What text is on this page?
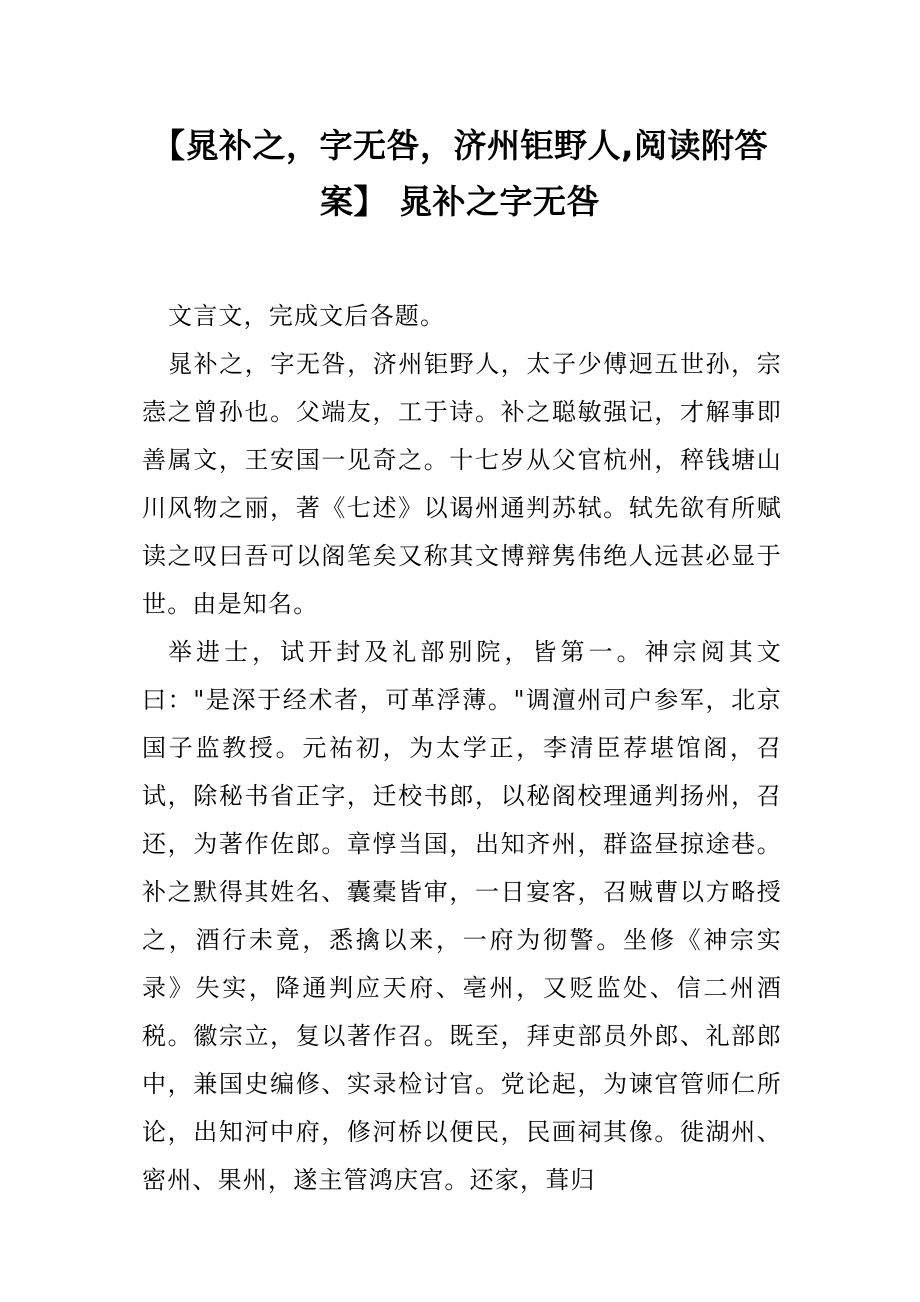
【晁补之，字无咎，济州钜野人,阅读附答案】 晁补之字无咎

文言文，完成文后各题。

晁补之，字无咎，济州钜野人，太子少傅迥五世孙，宗悫之曾孙也。父端友，工于诗。补之聪敏强记，才解事即善属文，王安国一见奇之。十七岁从父官杭州，稡钱塘山川风物之丽，著《七述》以谒州通判苏轼。轼先欲有所赋读之叹曰吾可以阁笔矣又称其文博辩隽伟绝人远甚必显于世。由是知名。

举进士，试开封及礼部别院，皆第一。神宗阅其文曰："是深于经术者，可革浮薄。"调澶州司户参军，北京国子监教授。元祐初，为太学正，李清臣荐堪馆阁，召试，除秘书省正字，迁校书郎，以秘阁校理通判扬州，召还，为著作佐郎。章惇当国，出知齐州，群盗昼掠途巷。补之默得其姓名、囊橐皆审，一日宴客，召贼曹以方略授之，酒行未竟，悉擒以来，一府为彻警。坐修《神宗实录》失实，降通判应天府、亳州，又贬监处、信二州酒税。徽宗立，复以著作召。既至，拜吏部员外郎、礼部郎中，兼国史编修、实录检讨官。党论起，为谏官管师仁所论，出知河中府，修河桥以便民，民画祠其像。徙湖州、密州、果州，遂主管鸿庆宫。还家，葺归
